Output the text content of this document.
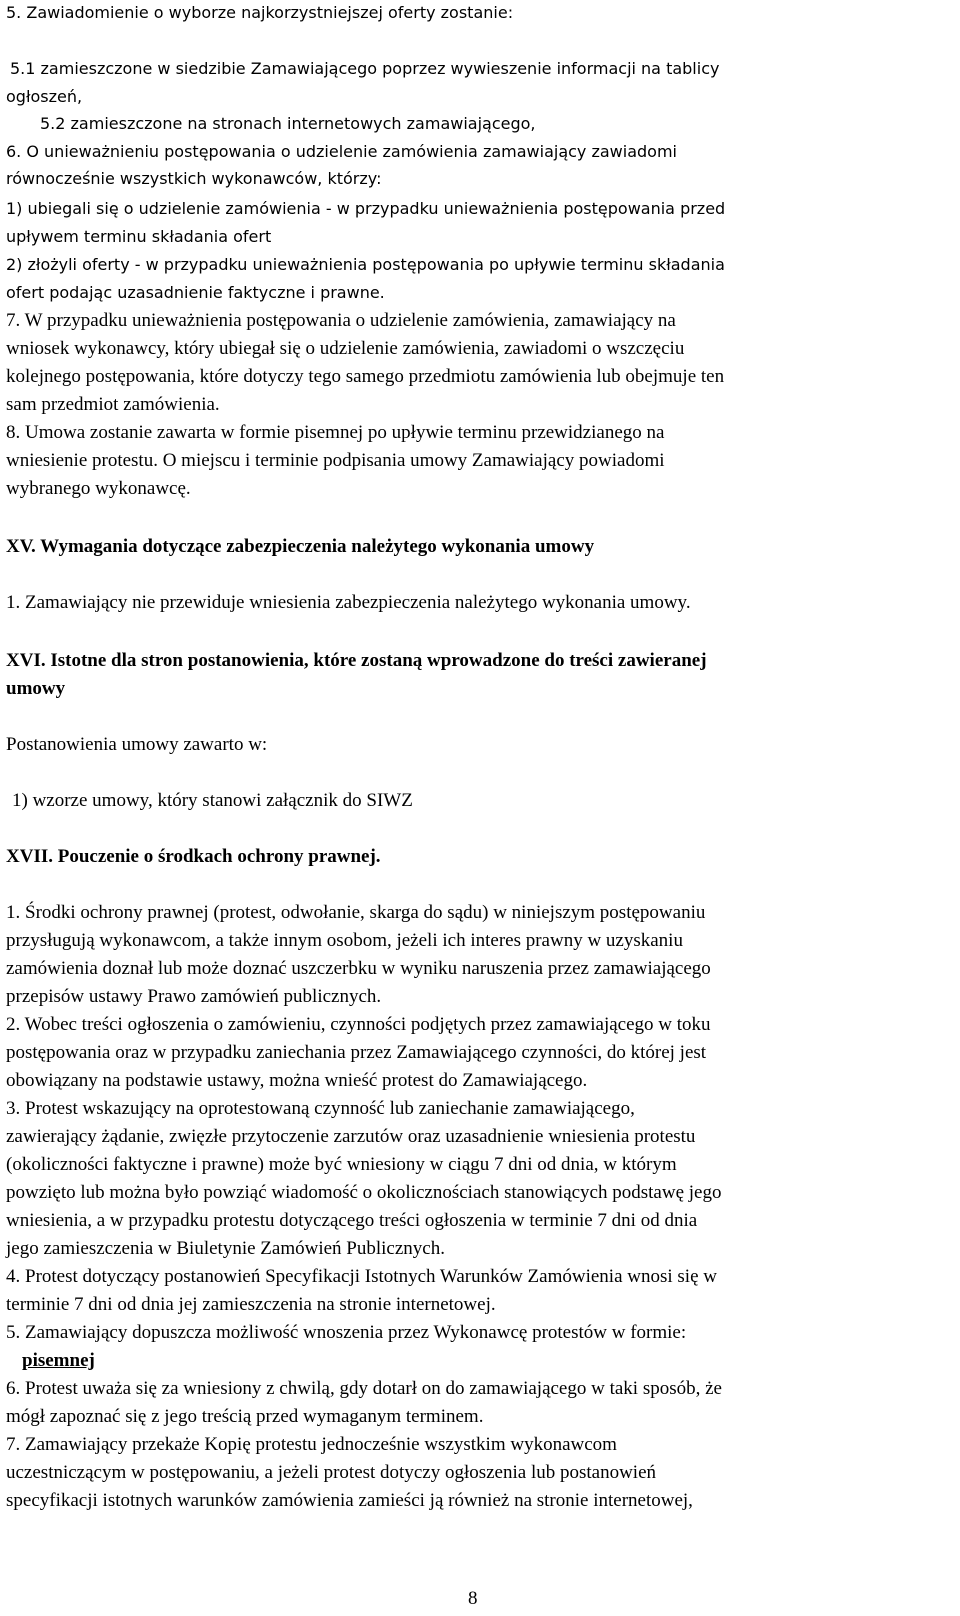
5. Zawiadomienie o wyborze najkorzystniejszej oferty zostanie:
5.1 zamieszczone w siedzibie Zamawiającego poprzez wywieszenie informacji na tablicy
ogłoszeń,
5.2 zamieszczone na stronach internetowych zamawiającego,
6. O unieważnieniu postępowania o udzielenie zamówienia zamawiający zawiadomi
równocześnie wszystkich wykonawców, którzy:
1) ubiegali się o udzielenie zamówienia - w przypadku unieważnienia postępowania przed
upływem terminu składania ofert
2) złożyli oferty - w przypadku unieważnienia postępowania po upływie terminu składania
ofert podając uzasadnienie faktyczne i prawne.
7. W przypadku unieważnienia postępowania o udzielenie zamówienia, zamawiający na
wniosek wykonawcy, który ubiegał się o udzielenie zamówienia, zawiadomi o wszczęciu
kolejnego postępowania, które dotyczy tego samego przedmiotu zamówienia lub obejmuje ten
sam przedmiot zamówienia.
8. Umowa zostanie zawarta w formie pisemnej po upływie terminu przewidzianego na
wniesienie protestu. O miejscu i terminie podpisania umowy Zamawiający powiadomi
wybranego wykonawcę.
XV. Wymagania dotyczące zabezpieczenia należytego wykonania umowy
1. Zamawiający nie przewiduje wniesienia zabezpieczenia należytego wykonania umowy.
XVI. Istotne dla stron postanowienia, które zostaną wprowadzone do treści zawieranej
umowy
Postanowienia umowy zawarto w:
1) wzorze umowy, który stanowi załącznik do SIWZ
XVII. Pouczenie o środkach ochrony prawnej.
1. Środki ochrony prawnej (protest, odwołanie, skarga do sądu) w niniejszym postępowaniu
przysługują wykonawcom, a także innym osobom, jeżeli ich interes prawny w uzyskaniu
zamówienia doznał lub może doznać uszczerbku w wyniku naruszenia przez zamawiającego
przepisów ustawy Prawo zamówień publicznych.
2. Wobec treści ogłoszenia o zamówieniu, czynności podjętych przez zamawiającego w toku
postępowania oraz w przypadku zaniechania przez Zamawiającego czynności, do której jest
obowiązany na podstawie ustawy, można wnieść protest do Zamawiającego.
3. Protest wskazujący na oprotestowaną czynność lub zaniechanie zamawiającego,
zawierający żądanie, zwięzłe przytoczenie zarzutów oraz uzasadnienie wniesienia protestu
(okoliczności faktyczne i prawne) może być wniesiony w ciągu 7 dni od dnia, w którym
powzięto lub można było powziąć wiadomość o okolicznościach stanowiących podstawę jego
wniesienia, a w przypadku protestu dotyczącego treści ogłoszenia w terminie 7 dni od dnia
jego zamieszczenia w Biuletynie Zamówień Publicznych.
4. Protest dotyczący postanowień Specyfikacji Istotnych Warunków Zamówienia wnosi się w
terminie 7 dni od dnia jej zamieszczenia na stronie internetowej.
5. Zamawiający dopuszcza możliwość wnoszenia przez Wykonawcę protestów w formie:
pisemnej
6. Protest uważa się za wniesiony z chwilą, gdy dotarł on do zamawiającego w taki sposób, że
mógł zapoznać się z jego treścią przed wymaganym terminem.
7. Zamawiający przekaże Kopię protestu jednocześnie wszystkim wykonawcom
uczestniczącym w postępowaniu, a jeżeli protest dotyczy ogłoszenia lub postanowień
specyfikacji istotnych warunków zamówienia zamieści ją również na stronie internetowej,
8
